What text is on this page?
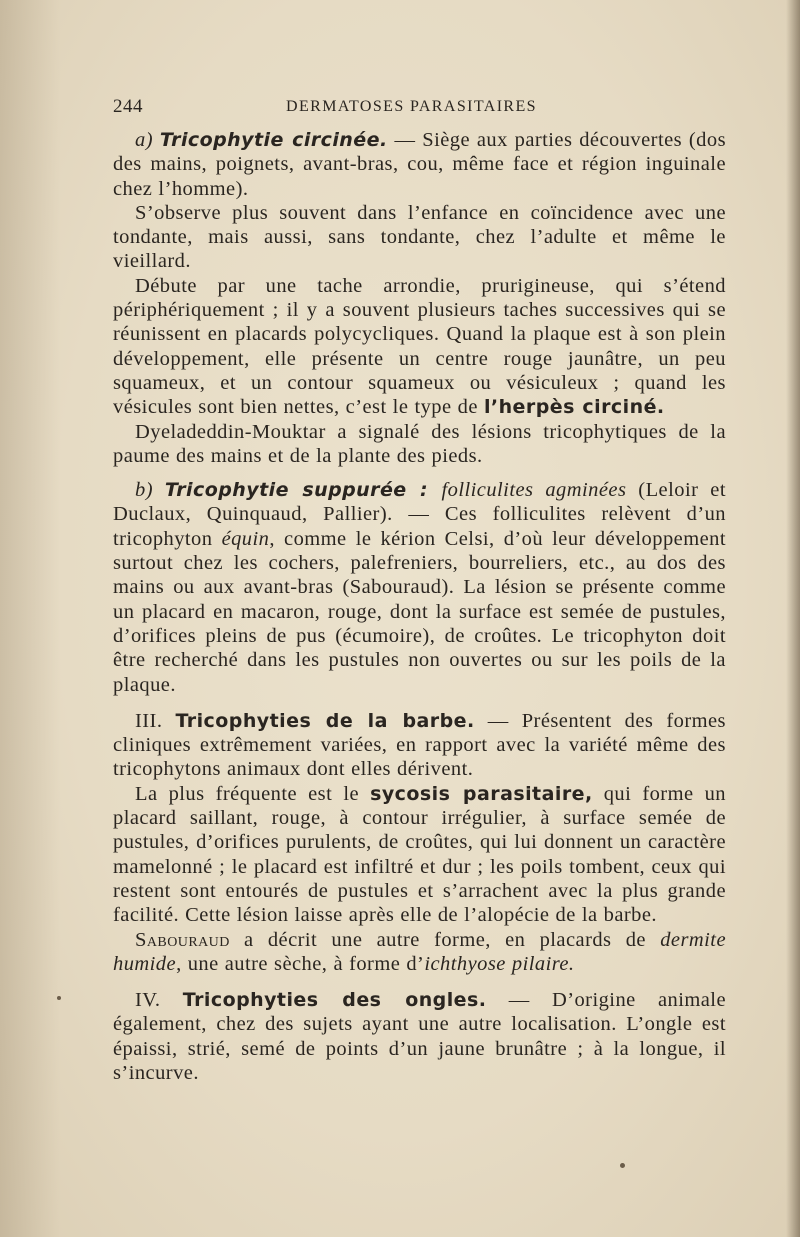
244	DERMATOSES PARASITAIRES

a) Tricophytie circinée. — Siège aux parties découvertes (dos des mains, poignets, avant-bras, cou, même face et région inguinale chez l’homme).

S’observe plus souvent dans l’enfance en coïncidence avec une tondante, mais aussi, sans tondante, chez l’adulte et même le vieillard.

Débute par une tache arrondie, prurigineuse, qui s’étend périphériquement ; il y a souvent plusieurs taches successives qui se réunissent en placards polycycliques. Quand la plaque est à son plein développement, elle présente un centre rouge jaunâtre, un peu squameux, et un contour squameux ou vésiculeux ; quand les vésicules sont bien nettes, c’est le type de l’herpès circiné.

Dyeladeddin-Mouktar a signalé des lésions tricophytiques de la paume des mains et de la plante des pieds.

b) Tricophytie suppurée : folliculites agminées (Leloir et Duclaux, Quinquaud, Pallier). — Ces folliculites relèvent d’un tricophyton équin, comme le kérion Celsi, d’où leur développement surtout chez les cochers, palefreniers, bourreliers, etc., au dos des mains ou aux avant-bras (Sabouraud). La lésion se présente comme un placard en macaron, rouge, dont la surface est semée de pustules, d’orifices pleins de pus (écumoire), de croûtes. Le tricophyton doit être recherché dans les pustules non ouvertes ou sur les poils de la plaque.

III. Tricophyties de la barbe. — Présentent des formes cliniques extrêmement variées, en rapport avec la variété même des tricophytons animaux dont elles dérivent.

La plus fréquente est le sycosis parasitaire, qui forme un placard saillant, rouge, à contour irrégulier, à surface semée de pustules, d’orifices purulents, de croûtes, qui lui donnent un caractère mamelonné ; le placard est infiltré et dur ; les poils tombent, ceux qui restent sont entourés de pustules et s’arrachent avec la plus grande facilité. Cette lésion laisse après elle de l’alopécie de la barbe.

Sabouraud a décrit une autre forme, en placards de dermite humide, une autre sèche, à forme d’ichthyose pilaire.

IV. Tricophyties des ongles. — D’origine animale également, chez des sujets ayant une autre localisation. L’ongle est épaissi, strié, semé de points d’un jaune brunâtre ; à la longue, il s’incurve.
